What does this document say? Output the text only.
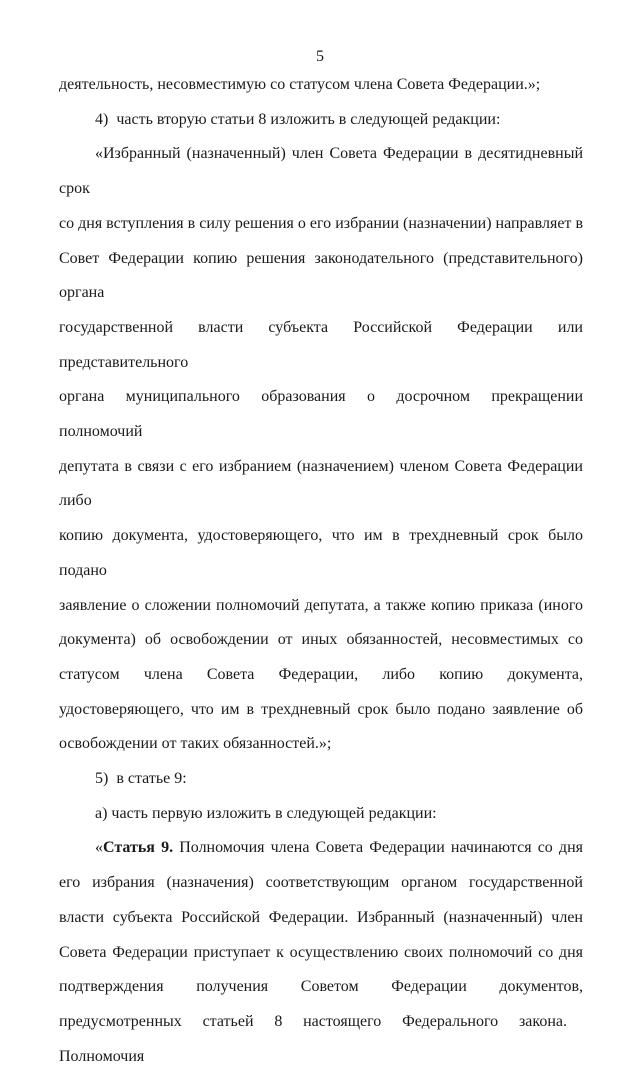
5
деятельность, несовместимую со статусом члена Совета Федерации.»;
4) часть вторую статьи 8 изложить в следующей редакции:
«Избранный (назначенный) член Совета Федерации в десятидневный срок
со дня вступления в силу решения о его избрании (назначении) направляет в
Совет Федерации копию решения законодательного (представительного) органа
государственной власти субъекта Российской Федерации или представительного
органа муниципального образования о досрочном прекращении полномочий
депутата в связи с его избранием (назначением) членом Совета Федерации либо
копию документа, удостоверяющего, что им в трехдневный срок было подано
заявление о сложении полномочий депутата, а также копию приказа (иного
документа) об освобождении от иных обязанностей, несовместимых со
статусом члена Совета Федерации, либо копию документа,
удостоверяющего, что им в трехдневный срок было подано заявление об
освобождении от таких обязанностей.»;
5) в статье 9:
а) часть первую изложить в следующей редакции:
«Статья 9. Полномочия члена Совета Федерации начинаются со дня
его избрания (назначения) соответствующим органом государственной
власти субъекта Российской Федерации. Избранный (назначенный) член
Совета Федерации приступает к осуществлению своих полномочий со дня
подтверждения получения Советом Федерации документов,
предусмотренных статьей 8 настоящего Федерального закона.  Полномочия
